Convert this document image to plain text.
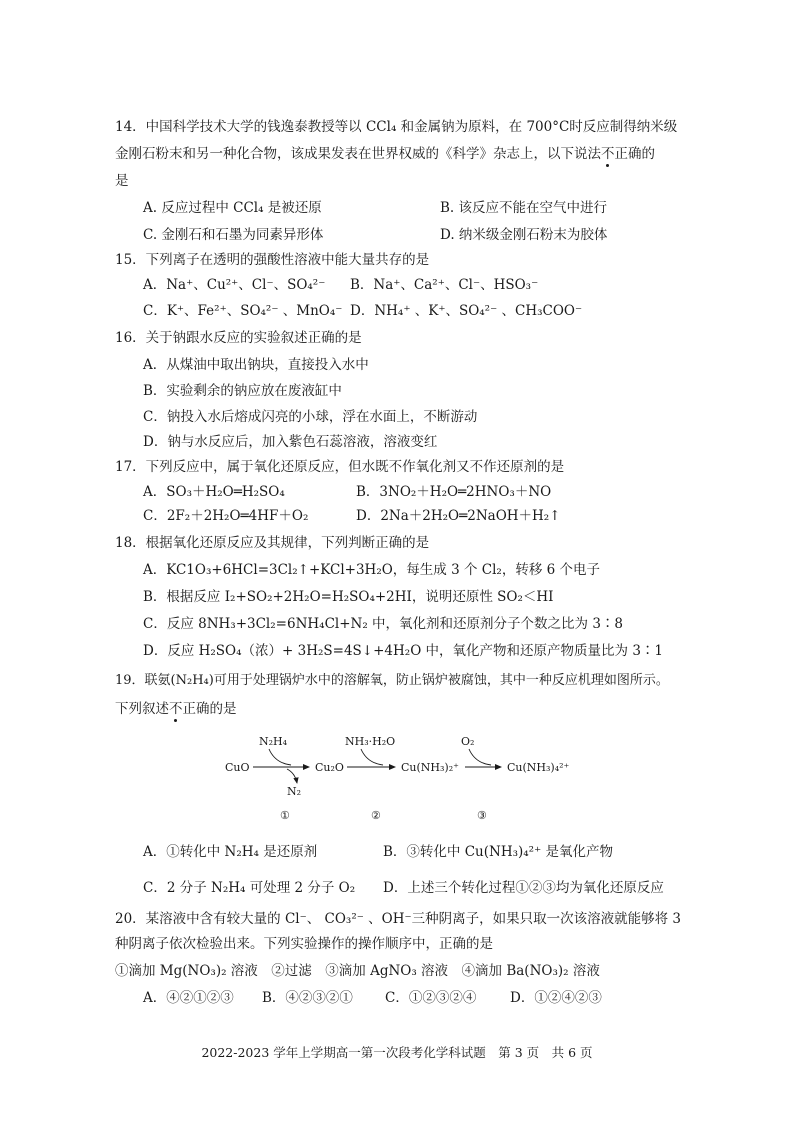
14．中国科学技术大学的钱逸泰教授等以 CCl₄ 和金属钠为原料，在 700°C时反应制得纳米级
金刚石粉末和另一种化合物，该成果发表在世界权威的《科学》杂志上，以下说法不正确的
是
A. 反应过程中 CCl₄ 是被还原	B. 该反应不能在空气中进行
C. 金刚石和石墨为同素异形体	D. 纳米级金刚石粉末为胶体
15．下列离子在透明的强酸性溶液中能大量共存的是
A．Na⁺、Cu²⁺、Cl⁻、SO₄²⁻ B．Na⁺、Ca²⁺、Cl⁻、HSO₃⁻
C．K⁺、Fe²⁺、SO₄²⁻ 、MnO₄⁻ D．NH₄⁺ 、K⁺、SO₄²⁻ 、CH₃COO⁻
16．关于钠跟水反应的实验叙述正确的是
A．从煤油中取出钠块，直接投入水中
B．实验剩余的钠应放在废液缸中
C．钠投入水后熔成闪亮的小球，浮在水面上，不断游动
D．钠与水反应后，加入紫色石蕊溶液，溶液变红
17．下列反应中，属于氧化还原反应，但水既不作氧化剂又不作还原剂的是
A．SO₃＋H₂O═H₂SO₄	B．3NO₂＋H₂O═2HNO₃＋NO
C．2F₂＋2H₂O═4HF＋O₂	D．2Na＋2H₂O═2NaOH＋H₂↑
18．根据氧化还原反应及其规律，下列判断正确的是
A．KC1O₃+6HCl=3Cl₂↑+KCl+3H₂O，每生成 3 个 Cl₂，转移 6 个电子
B．根据反应 I₂+SO₂+2H₂O=H₂SO₄+2HI，说明还原性 SO₂＜HI
C．反应 8NH₃+3Cl₂=6NH₄Cl+N₂ 中，氧化剂和还原剂分子个数之比为 3∶8
D．反应 H₂SO₄（浓）+ 3H₂S=4S↓+4H₂O 中，氧化产物和还原产物质量比为 3∶1
19．联氨(N₂H₄)可用于处理锅炉水中的溶解氧，防止锅炉被腐蚀，其中一种反应机理如图所示。
下列叙述不正确的是
CuO	Cu₂O	Cu(NH₃)₂⁺	Cu(NH₃)₄²⁺
N₂H₄
N₂
NH₃·H₂O	O₂
①	②	③
A．①转化中 N₂H₄ 是还原剂	B．③转化中 Cu(NH₃)₄²⁺ 是氧化产物
C．2 分子 N₂H₄ 可处理 2 分子 O₂ D．上述三个转化过程①②③均为氧化还原反应
20．某溶液中含有较大量的 Cl⁻、 CO₃²⁻ 、OH⁻三种阴离子，如果只取一次该溶液就能够将 3
种阴离子依次检验出来。下列实验操作的操作顺序中，正确的是
①滴加 Mg(NO₃)₂ 溶液　②过滤　③滴加 AgNO₃ 溶液　④滴加 Ba(NO₃)₂ 溶液
A．④②①②③ B．④②③②① C．①②③②④ D．①②④②③
2022-2023 学年上学期高一第一次段考化学科试题　第 3 页　共 6 页
